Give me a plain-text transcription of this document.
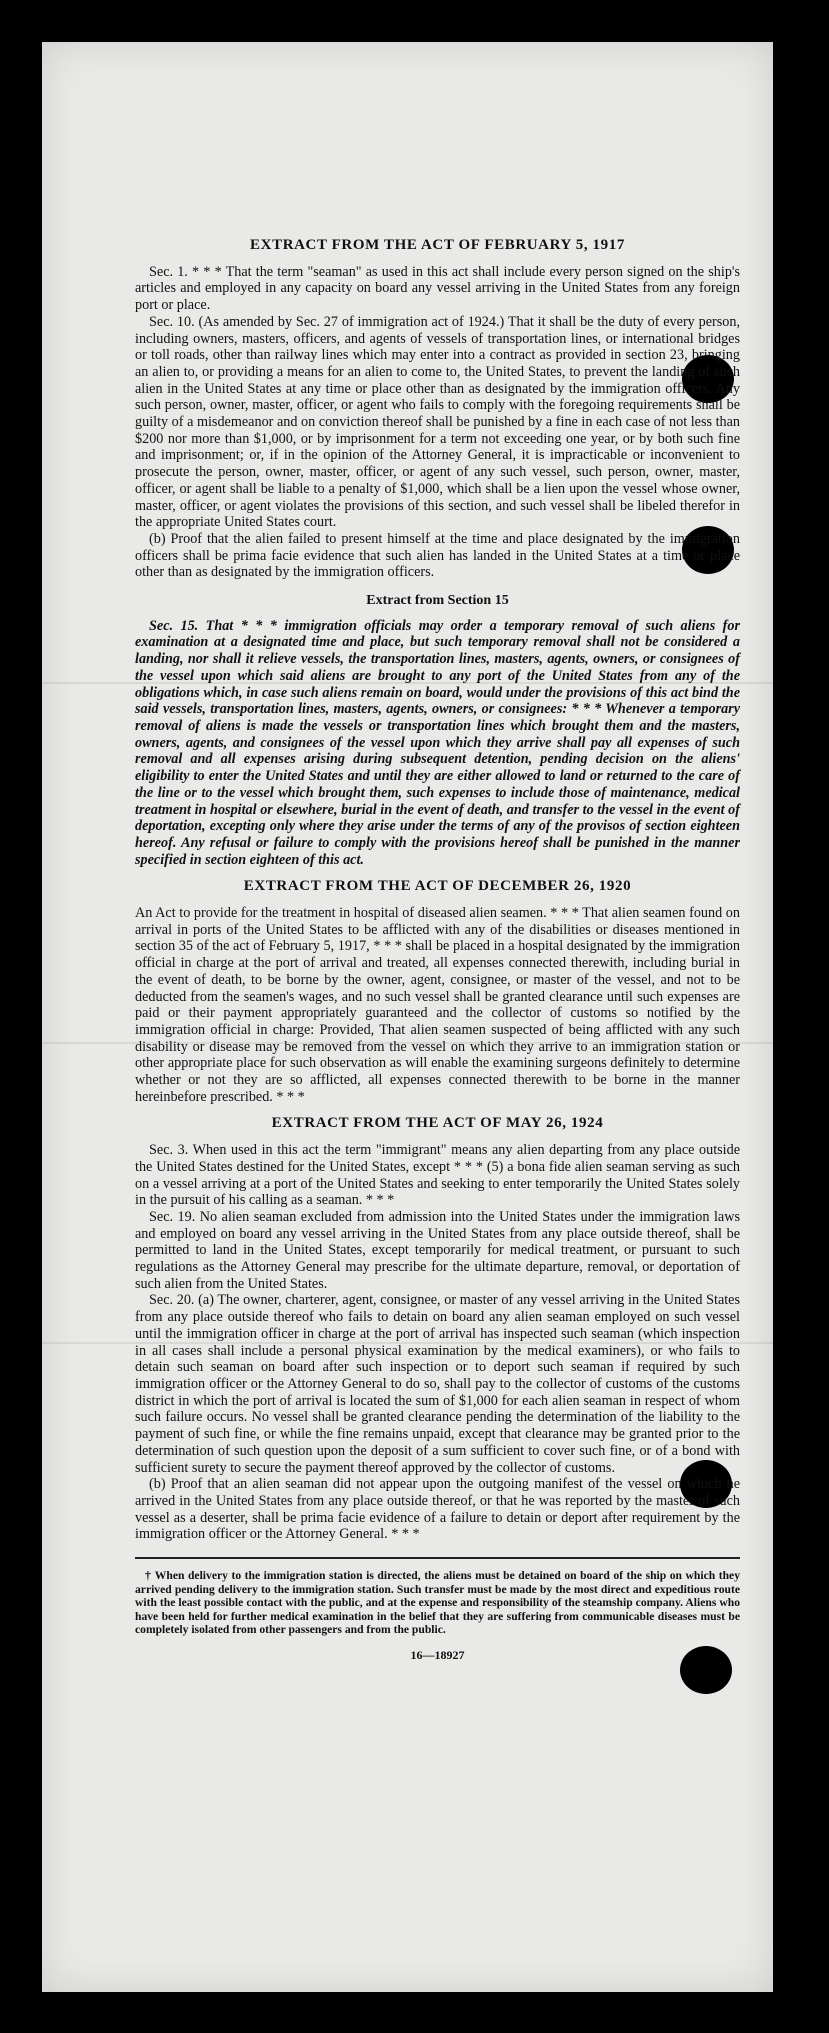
EXTRACT FROM THE ACT OF FEBRUARY 5, 1917

Sec. 1. * * * That the term "seaman" as used in this act shall include every person signed on the ship's articles and employed in any capacity on board any vessel arriving in the United States from any foreign port or place.

Sec. 10. (As amended by Sec. 27 of immigration act of 1924.) That it shall be the duty of every person, including owners, masters, officers, and agents of vessels of transportation lines, or international bridges or toll roads, other than railway lines which may enter into a contract as provided in section 23, bringing an alien to, or providing a means for an alien to come to, the United States, to prevent the landing of such alien in the United States at any time or place other than as designated by the immigration officers. Any such person, owner, master, officer, or agent who fails to comply with the foregoing requirements shall be guilty of a misdemeanor and on conviction thereof shall be punished by a fine in each case of not less than $200 nor more than $1,000, or by imprisonment for a term not exceeding one year, or by both such fine and imprisonment; or, if in the opinion of the Attorney General, it is impracticable or inconvenient to prosecute the person, owner, master, officer, or agent of any such vessel, such person, owner, master, officer, or agent shall be liable to a penalty of $1,000, which shall be a lien upon the vessel whose owner, master, officer, or agent violates the provisions of this section, and such vessel shall be libeled therefor in the appropriate United States court.

(b) Proof that the alien failed to present himself at the time and place designated by the immigration officers shall be prima facie evidence that such alien has landed in the United States at a time or place other than as designated by the immigration officers.

Extract from Section 15

Sec. 15. That * * * immigration officials may order a temporary removal of such aliens for examination at a designated time and place, but such temporary removal shall not be considered a landing, nor shall it relieve vessels, the transportation lines, masters, agents, owners, or consignees of the vessel upon which said aliens are brought to any port of the United States from any of the obligations which, in case such aliens remain on board, would under the provisions of this act bind the said vessels, transportation lines, masters, agents, owners, or consignees: * * * Whenever a temporary removal of aliens is made the vessels or transportation lines which brought them and the masters, owners, agents, and consignees of the vessel upon which they arrive shall pay all expenses of such removal and all expenses arising during subsequent detention, pending decision on the aliens' eligibility to enter the United States and until they are either allowed to land or returned to the care of the line or to the vessel which brought them, such expenses to include those of maintenance, medical treatment in hospital or elsewhere, burial in the event of death, and transfer to the vessel in the event of deportation, excepting only where they arise under the terms of any of the provisos of section eighteen hereof. Any refusal or failure to comply with the provisions hereof shall be punished in the manner specified in section eighteen of this act.

EXTRACT FROM THE ACT OF DECEMBER 26, 1920

An Act to provide for the treatment in hospital of diseased alien seamen. * * * That alien seamen found on arrival in ports of the United States to be afflicted with any of the disabilities or diseases mentioned in section 35 of the act of February 5, 1917, * * * shall be placed in a hospital designated by the immigration official in charge at the port of arrival and treated, all expenses connected therewith, including burial in the event of death, to be borne by the owner, agent, consignee, or master of the vessel, and not to be deducted from the seamen's wages, and no such vessel shall be granted clearance until such expenses are paid or their payment appropriately guaranteed and the collector of customs so notified by the immigration official in charge: Provided, That alien seamen suspected of being afflicted with any such disability or disease may be removed from the vessel on which they arrive to an immigration station or other appropriate place for such observation as will enable the examining surgeons definitely to determine whether or not they are so afflicted, all expenses connected therewith to be borne in the manner hereinbefore prescribed. * * *

EXTRACT FROM THE ACT OF MAY 26, 1924

Sec. 3. When used in this act the term "immigrant" means any alien departing from any place outside the United States destined for the United States, except * * * (5) a bona fide alien seaman serving as such on a vessel arriving at a port of the United States and seeking to enter temporarily the United States solely in the pursuit of his calling as a seaman. * * *

Sec. 19. No alien seaman excluded from admission into the United States under the immigration laws and employed on board any vessel arriving in the United States from any place outside thereof, shall be permitted to land in the United States, except temporarily for medical treatment, or pursuant to such regulations as the Attorney General may prescribe for the ultimate departure, removal, or deportation of such alien from the United States.

Sec. 20. (a) The owner, charterer, agent, consignee, or master of any vessel arriving in the United States from any place outside thereof who fails to detain on board any alien seaman employed on such vessel until the immigration officer in charge at the port of arrival has inspected such seaman (which inspection in all cases shall include a personal physical examination by the medical examiners), or who fails to detain such seaman on board after such inspection or to deport such seaman if required by such immigration officer or the Attorney General to do so, shall pay to the collector of customs of the customs district in which the port of arrival is located the sum of $1,000 for each alien seaman in respect of whom such failure occurs. No vessel shall be granted clearance pending the determination of the liability to the payment of such fine, or while the fine remains unpaid, except that clearance may be granted prior to the determination of such question upon the deposit of a sum sufficient to cover such fine, or of a bond with sufficient surety to secure the payment thereof approved by the collector of customs.

(b) Proof that an alien seaman did not appear upon the outgoing manifest of the vessel on which he arrived in the United States from any place outside thereof, or that he was reported by the master of such vessel as a deserter, shall be prima facie evidence of a failure to detain or deport after requirement by the immigration officer or the Attorney General. * * *

† When delivery to the immigration station is directed, the aliens must be detained on board of the ship on which they arrived pending delivery to the immigration station. Such transfer must be made by the most direct and expeditious route with the least possible contact with the public, and at the expense and responsibility of the steamship company. Aliens who have been held for further medical examination in the belief that they are suffering from communicable diseases must be completely isolated from other passengers and from the public.

16—18927
